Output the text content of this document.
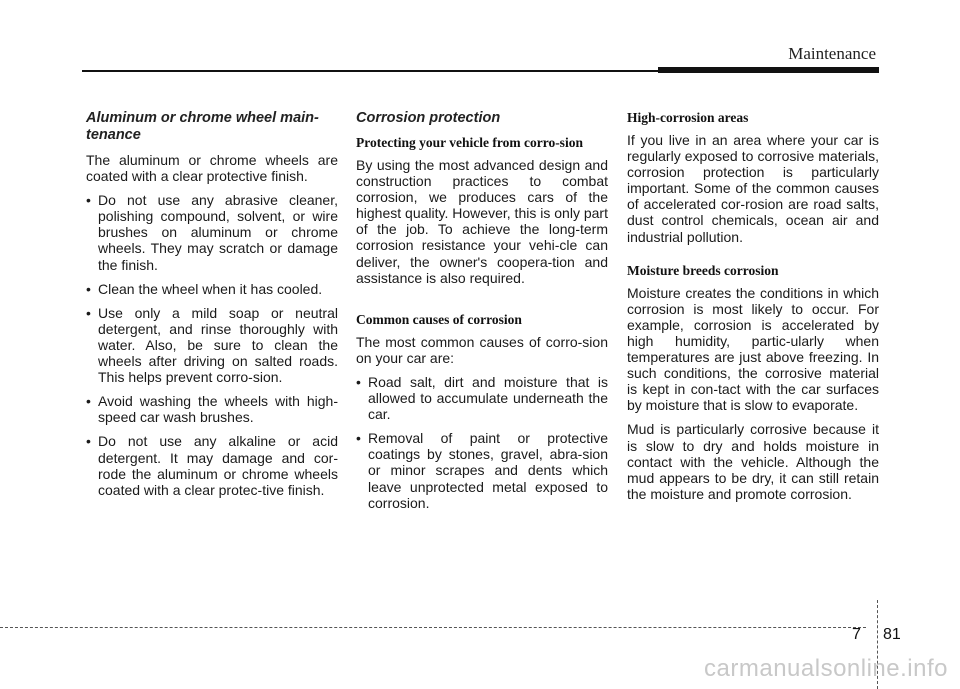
Maintenance
Aluminum or chrome wheel main-tenance
The aluminum or chrome wheels are coated with a clear protective finish.
• Do not use any abrasive cleaner, polishing compound, solvent, or wire brushes on aluminum or chrome wheels. They may scratch or damage the finish.
• Clean the wheel when it has cooled.
• Use only a mild soap or neutral detergent, and rinse thoroughly with water. Also, be sure to clean the wheels after driving on salted roads. This helps prevent corro-sion.
• Avoid washing the wheels with high-speed car wash brushes.
• Do not use any alkaline or acid detergent. It may damage and cor-rode the aluminum or chrome wheels coated with a clear protec-tive finish.
Corrosion protection
Protecting your vehicle from corro-sion
By using the most advanced design and construction practices to combat corrosion, we produces cars of the highest quality. However, this is only part of the job. To achieve the long-term corrosion resistance your vehi-cle can deliver, the owner's coopera-tion and assistance is also required.
Common causes of corrosion
The most common causes of corro-sion on your car are:
• Road salt, dirt and moisture that is allowed to accumulate underneath the car.
• Removal of paint or protective coatings by stones, gravel, abra-sion or minor scrapes and dents which leave unprotected metal exposed to corrosion.
High-corrosion areas
If you live in an area where your car is regularly exposed to corrosive materials, corrosion protection is particularly important. Some of the common causes of accelerated cor-rosion are road salts, dust control chemicals, ocean air and industrial pollution.
Moisture breeds corrosion
Moisture creates the conditions in which corrosion is most likely to occur. For example, corrosion is accelerated by high humidity, partic-ularly when temperatures are just above freezing. In such conditions, the corrosive material is kept in con-tact with the car surfaces by moisture that is slow to evaporate.
Mud is particularly corrosive because it is slow to dry and holds moisture in contact with the vehicle. Although the mud appears to be dry, it can still retain the moisture and promote corrosion.
7 81
carmanualsonline.info
